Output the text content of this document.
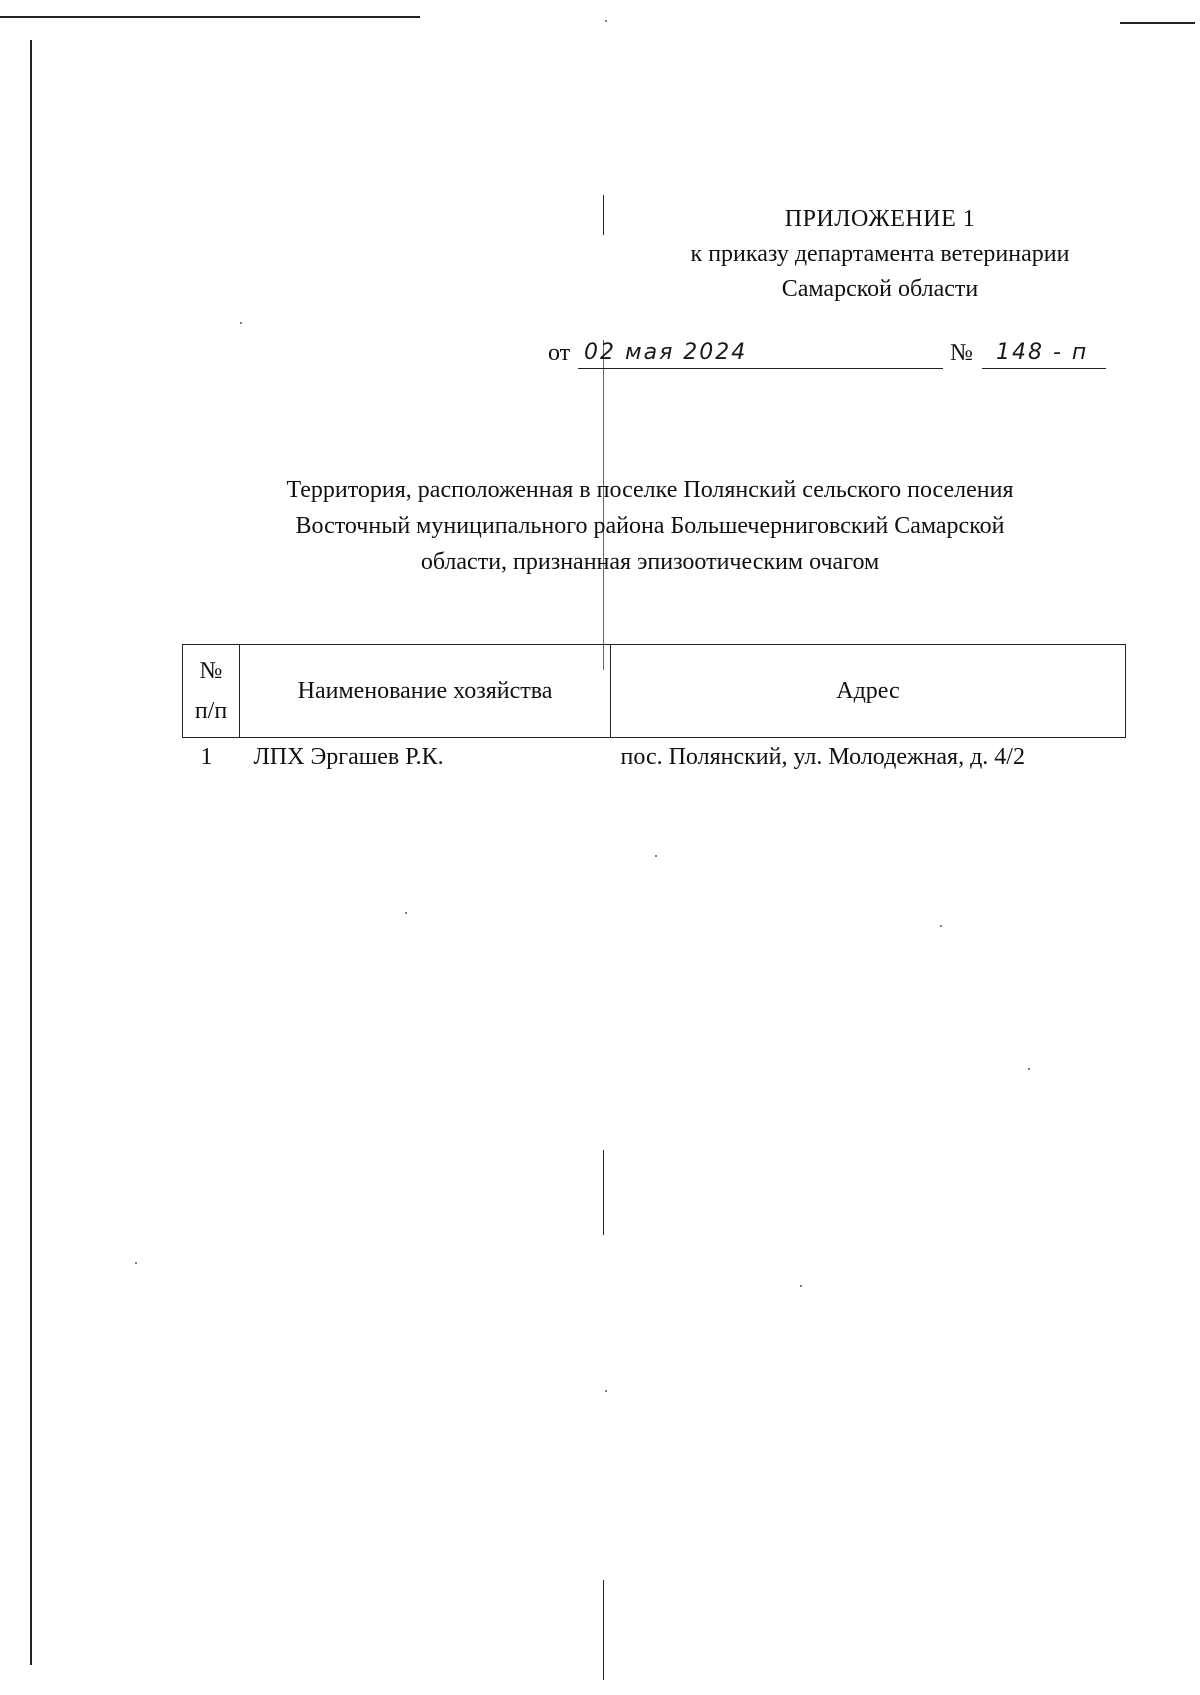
ПРИЛОЖЕНИЕ 1
к приказу департамента ветеринарии
Самарской области
от 02 мая 2024	№ 148 - п
Территория, расположенная в поселке Полянский сельского поселения
Восточный муниципального района Большечерниговский Самарской
области, признанная эпизоотическим очагом
№
п/п	Наименование хозяйства	Адрес
1	ЛПХ Эргашев Р.К.	пос. Полянский, ул. Молодежная, д. 4/2
